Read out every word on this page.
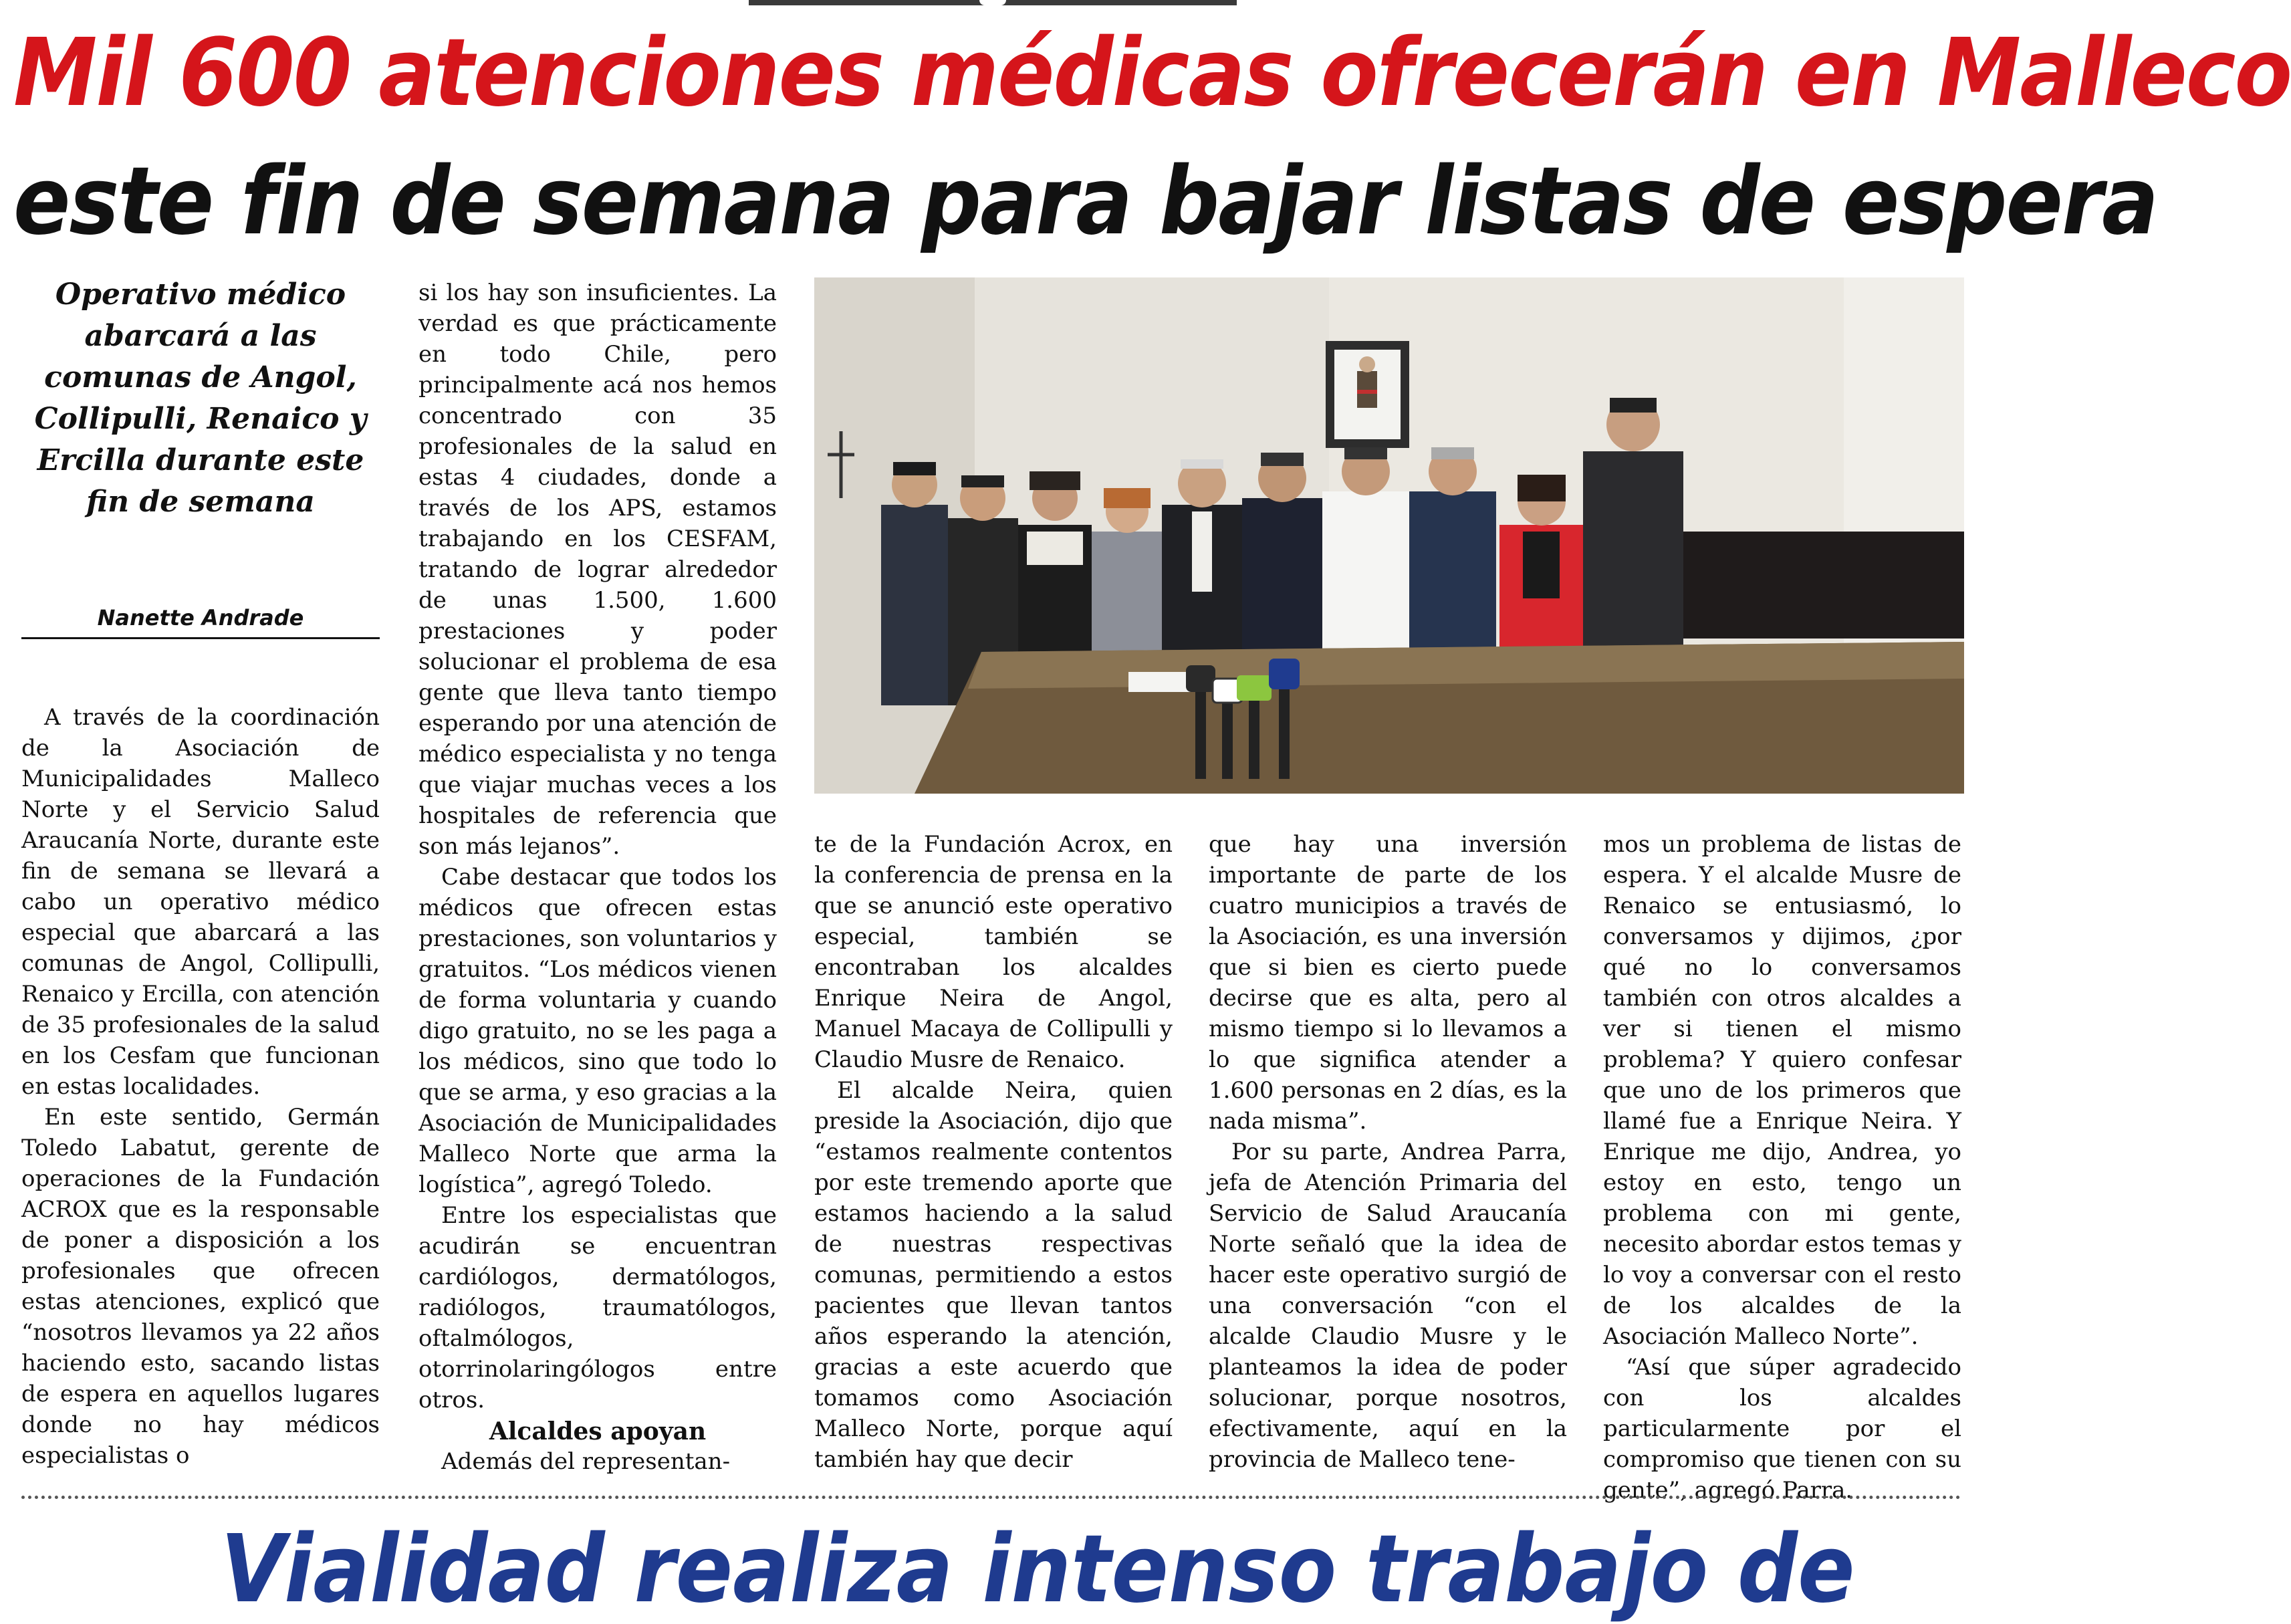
Mil 600 atenciones médicas ofrecerán en Malleco
este fin de semana para bajar listas de espera

Operativo médico abarcará a las comunas de Angol, Collipulli, Renaico y Ercilla durante este fin de semana

Nanette Andrade

A través de la coordinación de la Asociación de Municipalidades Malleco Norte y el Servicio Salud Araucanía Norte, durante este fin de semana se llevará a cabo un operativo médico especial que abarcará a las comunas de Angol, Collipulli, Renaico y Ercilla, con atención de 35 profesionales de la salud en los Cesfam que funcionan en estas localidades.

En este sentido, Germán Toledo Labatut, gerente de operaciones de la Fundación ACROX que es la responsable de poner a disposición a los profesionales que ofrecen estas atenciones, explicó que “nosotros llevamos ya 22 años haciendo esto, sacando listas de espera en aquellos lugares donde no hay médicos especialistas o

si los hay son insuficientes. La verdad es que prácticamente en todo Chile, pero principalmente acá nos hemos concentrado con 35 profesionales de la salud en estas 4 ciudades, donde a través de los APS, estamos trabajando en los CESFAM, tratando de lograr alrededor de unas 1.500, 1.600 prestaciones y poder solucionar el problema de esa gente que lleva tanto tiempo esperando por una atención de médico especialista y no tenga que viajar muchas veces a los hospitales de referencia que son más lejanos”.

Cabe destacar que todos los médicos que ofrecen estas prestaciones, son voluntarios y gratuitos. “Los médicos vienen de forma voluntaria y cuando digo gratuito, no se les paga a los médicos, sino que todo lo que se arma, y eso gracias a la Asociación de Municipalidades Malleco Norte que arma la logística”, agregó Toledo.

Entre los especialistas que acudirán se encuentran cardiólogos, dermatólogos, radiólogos, traumatólogos, oftalmólogos, otorrinolaringólogos entre otros.

Alcaldes apoyan

Además del representan-

te de la Fundación Acrox, en la conferencia de prensa en la que se anunció este operativo especial, también se encontraban los alcaldes Enrique Neira de Angol, Manuel Macaya de Collipulli y Claudio Musre de Renaico.

El alcalde Neira, quien preside la Asociación, dijo que “estamos realmente contentos por este tremendo aporte que estamos haciendo a la salud de nuestras respectivas comunas, permitiendo a estos pacientes que llevan tantos años esperando la atención, gracias a este acuerdo que tomamos como Asociación Malleco Norte, porque aquí también hay que decir

que hay una inversión importante de parte de los cuatro municipios a través de la Asociación, es una inversión que si bien es cierto puede decirse que es alta, pero al mismo tiempo si lo llevamos a lo que significa atender a 1.600 personas en 2 días, es la nada misma”.

Por su parte, Andrea Parra, jefa de Atención Primaria del Servicio de Salud Araucanía Norte señaló que la idea de hacer este operativo surgió de una conversación “con el alcalde Claudio Musre y le planteamos la idea de poder solucionar, porque nosotros, efectivamente, aquí en la provincia de Malleco tene-

mos un problema de listas de espera. Y el alcalde Musre de Renaico se entusiasmó, lo conversamos y dijimos, ¿por qué no lo conversamos también con otros alcaldes a ver si tienen el mismo problema? Y quiero confesar que uno de los primeros que llamé fue a Enrique Neira. Y Enrique me dijo, Andrea, yo estoy en esto, tengo un problema con mi gente, necesito abordar estos temas y lo voy a conversar con el resto de los alcaldes de la Asociación Malleco Norte”.

“Así que súper agradecido con los alcaldes particularmente por el compromiso que tienen con su gente”, agregó Parra.

Vialidad realiza intenso trabajo de
